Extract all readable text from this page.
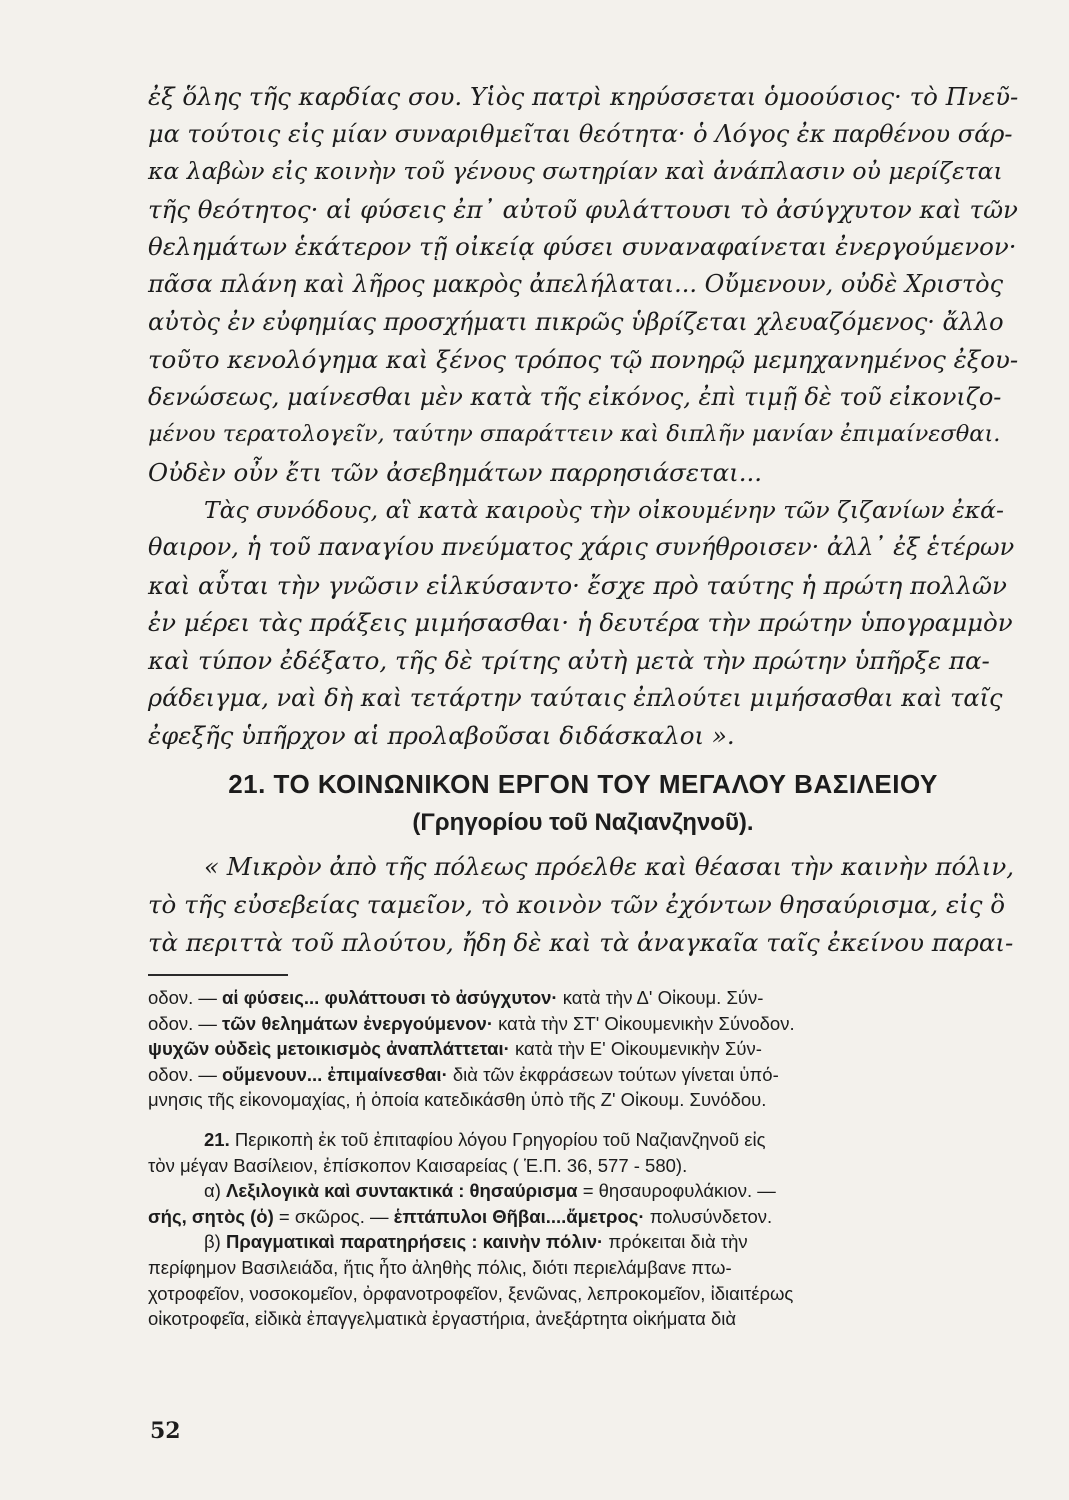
ἐξ ὅλης τῆς καρδίας σου. Υἱὸς πατρὶ κηρύσσεται ὁμοούσιος· τὸ Πνεῦ-
μα τούτοις εἰς μίαν συναριθμεῖται θεότητα· ὁ Λόγος ἐκ παρθένου σάρ-
κα λαβὼν εἰς κοινὴν τοῦ γένους σωτηρίαν καὶ ἀνάπλασιν οὐ μερίζεται
τῆς θεότητος· αἱ φύσεις ἐπ᾽ αὐτοῦ φυλάττουσι τὸ ἀσύγχυτον καὶ τῶν
θελημάτων ἑκάτερον τῇ οἰκείᾳ φύσει συναναφαίνεται ἐνεργούμενον·
πᾶσα πλάνη καὶ λῆρος μακρὸς ἀπελήλαται... Οὔμενουν, οὐδὲ Χριστὸς
αὐτὸς ἐν εὐφημίας προσχήματι πικρῶς ὑβρίζεται χλευαζόμενος· ἄλλο
τοῦτο κενολόγημα καὶ ξένος τρόπος τῷ πονηρῷ μεμηχανημένος ἐξου-
δενώσεως, μαίνεσθαι μὲν κατὰ τῆς εἰκόνος, ἐπὶ τιμῇ δὲ τοῦ εἰκονιζο-
μένου τερατολογεῖν, ταύτην σπαράττειν καὶ διπλῆν μανίαν ἐπιμαίνεσθαι.
Οὐδὲν οὖν ἔτι τῶν ἀσεβημάτων παρρησιάσεται...
Τὰς συνόδους, αἳ κατὰ καιροὺς τὴν οἰκουμένην τῶν ζιζανίων ἐκά-
θαιρον, ἡ τοῦ παναγίου πνεύματος χάρις συνήθροισεν· ἀλλ᾽ ἐξ ἑτέρων
καὶ αὗται τὴν γνῶσιν εἱλκύσαντο· ἔσχε πρὸ ταύτης ἡ πρώτη πολλῶν
ἐν μέρει τὰς πράξεις μιμήσασθαι· ἡ δευτέρα τὴν πρώτην ὑπογραμμὸν
καὶ τύπον ἐδέξατο, τῆς δὲ τρίτης αὐτὴ μετὰ τὴν πρώτην ὑπῆρξε πα-
ράδειγμα, ναὶ δὴ καὶ τετάρτην ταύταις ἐπλούτει μιμήσασθαι καὶ ταῖς
ἐφεξῆς ὑπῆρχον αἱ προλαβοῦσαι διδάσκαλοι ».
21. ΤΟ ΚΟΙΝΩΝΙΚΟΝ ΕΡΓΟΝ ΤΟΥ ΜΕΓΑΛΟΥ ΒΑΣΙΛΕΙΟΥ
(Γρηγορίου τοῦ Ναζιανζηνοῦ).
« Μικρὸν ἀπὸ τῆς πόλεως πρόελθε καὶ θέασαι τὴν καινὴν πόλιν,
τὸ τῆς εὐσεβείας ταμεῖον, τὸ κοινὸν τῶν ἐχόντων θησαύρισμα, εἰς ὃ
τὰ περιττὰ τοῦ πλούτου, ἤδη δὲ καὶ τὰ ἀναγκαῖα ταῖς ἐκείνου παραι-
οδον. — αἱ φύσεις... φυλάττουσι τὸ ἀσύγχυτον· κατὰ τὴν Δ' Οἰκουμ. Σύν-
οδον. — τῶν θελημάτων ἐνεργούμενον· κατὰ τὴν ΣΤ' Οἰκουμενικὴν Σύνοδον.
ψυχῶν οὐδεὶς μετοικισμὸς ἀναπλάττεται· κατὰ τὴν Ε' Οἰκουμενικὴν Σύν-
οδον. — οὔμενουν... ἐπιμαίνεσθαι· διὰ τῶν ἐκφράσεων τούτων γίνεται ὑπό-
μνησις τῆς εἰκονομαχίας, ἡ ὁποία κατεδικάσθη ὑπὸ τῆς Ζ' Οἰκουμ. Συνόδου.
21. Περικοπὴ ἐκ τοῦ ἐπιταφίου λόγου Γρηγορίου τοῦ Ναζιανζηνοῦ εἰς
τὸν μέγαν Βασίλειον, ἐπίσκοπον Καισαρείας ( Ἑ.Π. 36, 577 - 580).
α) Λεξιλογικὰ καὶ συντακτικά : θησαύρισμα = θησαυροφυλάκιον. —
σής, σητὸς (ὁ) = σκῶρος. — ἑπτάπυλοι Θῆβαι....ἄμετρος· πολυσύνδετον.
β) Πραγματικαὶ παρατηρήσεις : καινὴν πόλιν· πρόκειται διὰ τὴν
περίφημον Βασιλειάδα, ἥτις ἦτο ἀληθὴς πόλις, διότι περιελάμβανε πτω-
χοτροφεῖον, νοσοκομεῖον, ὀρφανοτροφεῖον, ξενῶνας, λεπροκομεῖον, ἰδιαιτέρως
οἰκοτροφεῖα, εἰδικὰ ἐπαγγελματικὰ ἐργαστήρια, ἀνεξάρτητα οἰκήματα διὰ
52
